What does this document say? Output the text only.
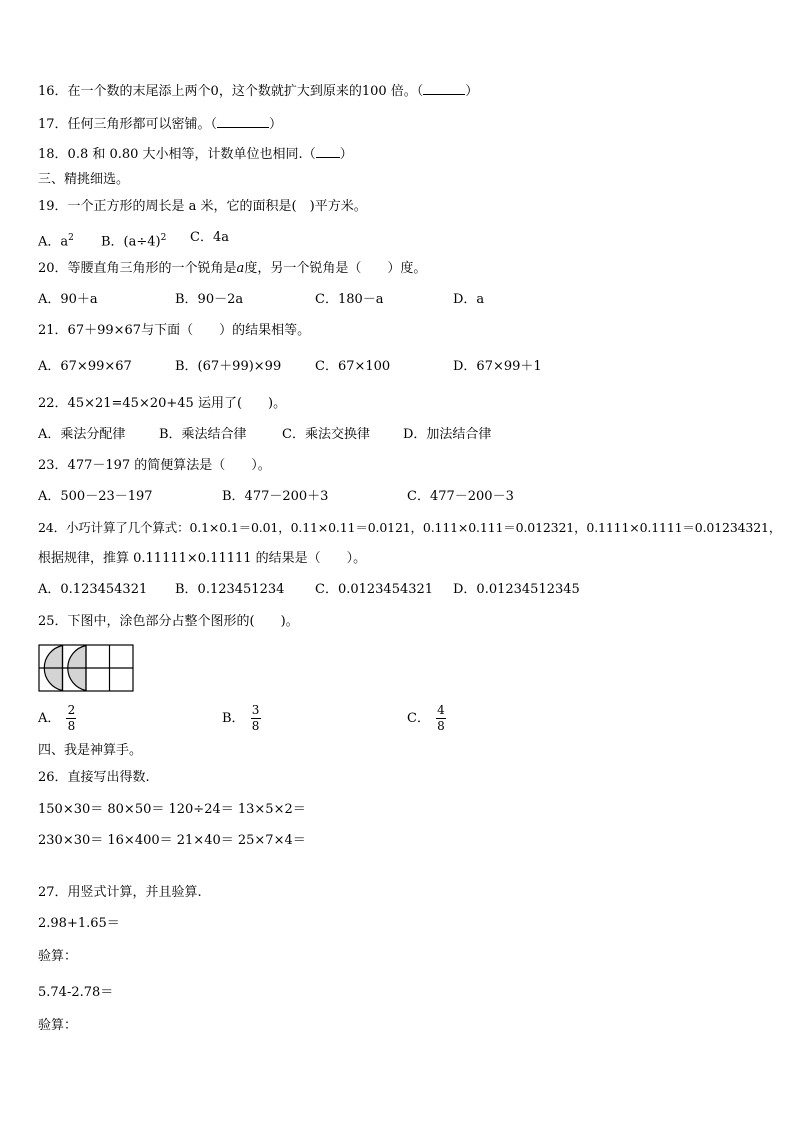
16．在一个数的末尾添上两个0，这个数就扩大到原来的100 倍。（	）
17．任何三角形都可以密铺。（	）
18．0.8 和 0.80 大小相等，计数单位也相同.（ ）
三、精挑细选。
19．一个正方形的周长是 a 米，它的面积是(　)平方米。
A．$a^2$ B．$(a\div 4)^2$ C．4a
20．等腰直角三角形的一个锐角是a度，另一个锐角是（　　）度。
A．90＋a	B．90－2a	C．180－a	D．a
21．67＋99×67与下面（　　）的结果相等。
A．67×99×67	B．(67＋99)×99	C．67×100	D．67×99＋1
22．45×21=45×20+45 运用了(　　)。
A．乘法分配律	B．乘法结合律	C．乘法交换律	D．加法结合律
23．477－197 的简便算法是（　　）。
A．500－23－197	B．477－200＋3	C．477－200－3
24．小巧计算了几个算式：0.1×0.1＝0.01，0.11×0.11＝0.0121，0.111×0.111＝0.012321，0.1111×0.1111＝0.01234321，
根据规律，推算 0.11111×0.11111 的结果是（　　）。
A．0.123454321 B．0.123451234 C．0.0123454321 D．0.01234512345
25．下图中，涂色部分占整个图形的(　　)。
A． $\frac{2}{8}$	B． $\frac{3}{8}$	C． $\frac{4}{8}$
四、我是神算手。
26．直接写出得数.
150×30＝ 80×50＝ 120÷24＝ 13×5×2＝
230×30＝ 16×400＝ 21×40＝ 25×7×4＝
27．用竖式计算，并且验算.
2.98+1.65＝
验算：
5.74-2.78＝
验算：
